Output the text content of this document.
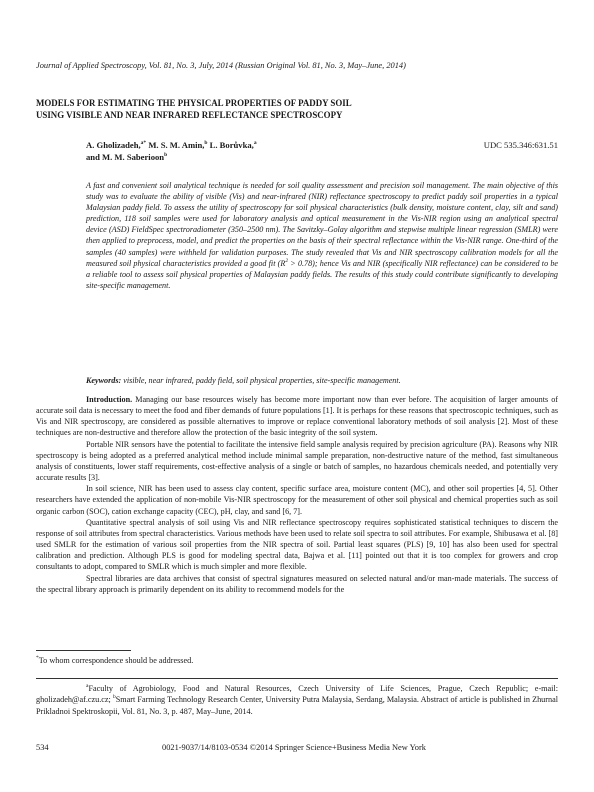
Journal of Applied Spectroscopy, Vol. 81, No. 3, July, 2014 (Russian Original Vol. 81, No. 3, May–June, 2014)
MODELS FOR ESTIMATING THE PHYSICAL PROPERTIES OF PADDY SOIL
USING VISIBLE AND NEAR INFRARED REFLECTANCE SPECTROSCOPY
A. Gholizadeh,$^{a*}$ M. S. M. Amin,$^b$ L. Borůvka,$^a$
and M. M. Saberioon$^b$
UDC 535.346:631.51
A fast and convenient soil analytical technique is needed for soil quality assessment and precision soil management. The main objective of this study was to evaluate the ability of visible (Vis) and near-infrared (NIR) reflectance spectroscopy to predict paddy soil properties in a typical Malaysian paddy field. To assess the utility of spectroscopy for soil physical characteristics (bulk density, moisture content, clay, silt and sand) prediction, 118 soil samples were used for laboratory analysis and optical measurement in the Vis-NIR region using an analytical spectral device (ASD) FieldSpec spectroradiometer (350–2500 nm). The Savitzky–Golay algorithm and stepwise multiple linear regression (SMLR) were then applied to preprocess, model, and predict the properties on the basis of their spectral reflectance within the Vis-NIR range. One-third of the samples (40 samples) were withheld for validation purposes. The study revealed that Vis and NIR spectroscopy calibration models for all the measured soil physical characteristics provided a good fit $(R^2 > 0.78)$; hence Vis and NIR (specifically NIR reflectance) can be considered to be a reliable tool to assess soil physical properties of Malaysian paddy fields. The results of this study could contribute significantly to developing site-specific management.
Keywords: visible, near infrared, paddy field, soil physical properties, site-specific management.

Introduction. Managing our base resources wisely has become more important now than ever before. The acquisition of larger amounts of accurate soil data is necessary to meet the food and fiber demands of future populations [1]. It is perhaps for these reasons that spectroscopic techniques, such as Vis and NIR spectroscopy, are considered as possible alternatives to improve or replace conventional laboratory methods of soil analysis [2]. Most of these techniques are non-destructive and therefore allow the protection of the basic integrity of the soil system.

Portable NIR sensors have the potential to facilitate the intensive field sample analysis required by precision agriculture (PA). Reasons why NIR spectroscopy is being adopted as a preferred analytical method include minimal sample preparation, non-destructive nature of the method, fast simultaneous analysis of constituents, lower staff requirements, cost-effective analysis of a single or batch of samples, no hazardous chemicals needed, and potentially very accurate results [3].

In soil science, NIR has been used to assess clay content, specific surface area, moisture content (MC), and other soil properties [4, 5]. Other researchers have extended the application of non-mobile Vis-NIR spectroscopy for the measurement of other soil physical and chemical properties such as soil organic carbon (SOC), cation exchange capacity (CEC), pH, clay, and sand [6, 7].

Quantitative spectral analysis of soil using Vis and NIR reflectance spectroscopy requires sophisticated statistical techniques to discern the response of soil attributes from spectral characteristics. Various methods have been used to relate soil spectra to soil attributes. For example, Shibusawa et al. [8] used SMLR for the estimation of various soil properties from the NIR spectra of soil. Partial least squares (PLS) [9, 10] has also been used for spectral calibration and prediction. Although PLS is good for modeling spectral data, Bajwa et al. [11] pointed out that it is too complex for growers and crop consultants to adopt, compared to SMLR which is much simpler and more flexible.

Spectral libraries are data archives that consist of spectral signatures measured on selected natural and/or man-made materials. The success of the spectral library approach is primarily dependent on its ability to recommend models for the

*To whom correspondence should be addressed.
$^a$Faculty of Agrobiology, Food and Natural Resources, Czech University of Life Sciences, Prague, Czech Republic; e-mail: gholizadeh@af.czu.cz; $^b$Smart Farming Technology Research Center, University Putra Malaysia, Serdang, Malaysia. Abstract of article is published in Zhurnal Prikladnoi Spektroskopii, Vol. 81, No. 3, p. 487, May–June, 2014.
534	0021-9037/14/8103-0534 ©2014 Springer Science+Business Media New York
